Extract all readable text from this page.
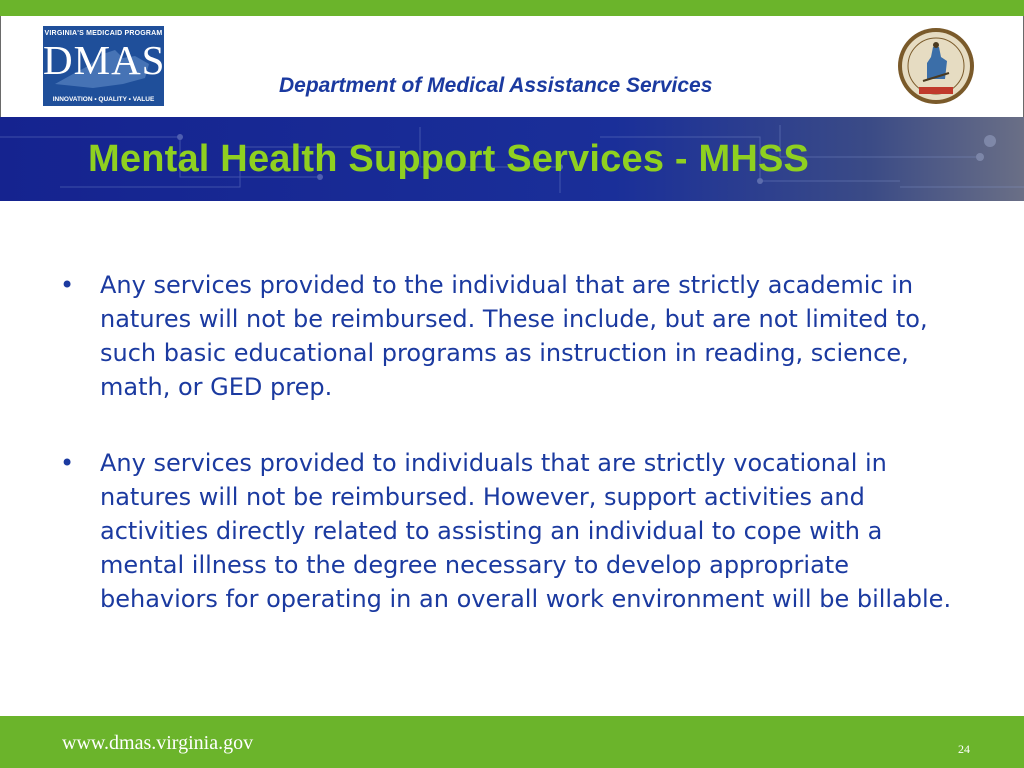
VIRGINIA'S MEDICAID PROGRAM
DMAS
INNOVATION • QUALITY • VALUE
Department of Medical Assistance Services
Mental Health Support Services - MHSS
•	Any services provided to the individual that are strictly academic in natures will not be reimbursed. These include, but are not limited to, such basic educational programs as instruction in reading, science, math, or GED prep.
•	Any services provided to individuals that are strictly vocational in natures will not be reimbursed. However, support activities and activities directly related to assisting an individual to cope with a mental illness to the degree necessary to develop appropriate behaviors for operating in an overall work environment will be billable.
www.dmas.virginia.gov	24
